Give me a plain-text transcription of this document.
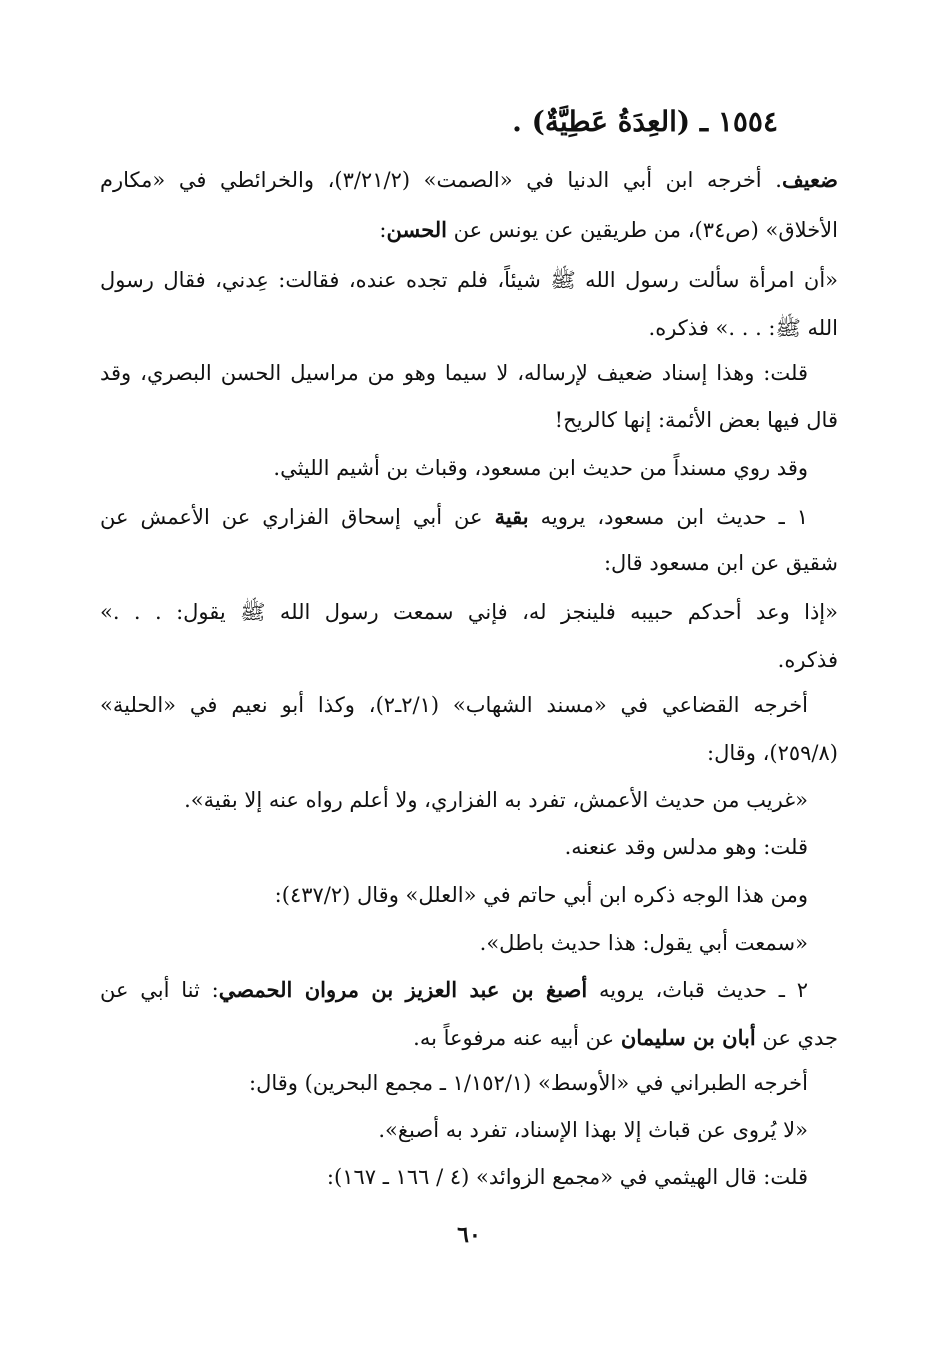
١٥٥٤ ـ (العِدَةُ عَطِيَّةٌ) .
ضعيف. أخرجه ابن أبي الدنيا في «الصمت» (٣/٢١/٢)، والخرائطي في «مكارم
الأخلاق» (ص٣٤)، من طريقين عن يونس عن الحسن:
«أن امرأة سألت رسول الله ﷺ شيئاً، فلم تجده عنده، فقالت: عِدني، فقال رسول
الله ﷺ: . . .» فذكره.
قلت: وهذا إسناد ضعيف لإرساله، لا سيما وهو من مراسيل الحسن البصري، وقد
قال فيها بعض الأئمة: إنها كالريح!
وقد روي مسنداً من حديث ابن مسعود، وقباث بن أشيم الليثي.
١ ـ حديث ابن مسعود، يرويه بقية عن أبي إسحاق الفزاري عن الأعمش عن
شقيق عن ابن مسعود قال:
«إذا وعد أحدكم حبيبه فلينجز له، فإني سمعت رسول الله ﷺ يقول: . . .»
فذكره.
أخرجه القضاعي في «مسند الشهاب» (٢/١ـ٢)، وكذا أبو نعيم في «الحلية»
(٢٥٩/٨)، وقال:
«غريب من حديث الأعمش، تفرد به الفزاري، ولا أعلم رواه عنه إلا بقية».
قلت: وهو مدلس وقد عنعنه.
ومن هذا الوجه ذكره ابن أبي حاتم في «العلل» وقال (٤٣٧/٢):
«سمعت أبي يقول: هذا حديث باطل».
٢ ـ حديث قباث، يرويه أصبغ بن عبد العزيز بن مروان الحمصي: ثنا أبي عن
جدي عن أبان بن سليمان عن أبيه عنه مرفوعاً به.
أخرجه الطبراني في «الأوسط» (١/١٥٢/١ ـ مجمع البحرين) وقال:
«لا يُروى عن قباث إلا بهذا الإسناد، تفرد به أصبغ».
قلت: قال الهيثمي في «مجمع الزوائد» (٤ / ١٦٦ ـ ١٦٧):
٦٠
